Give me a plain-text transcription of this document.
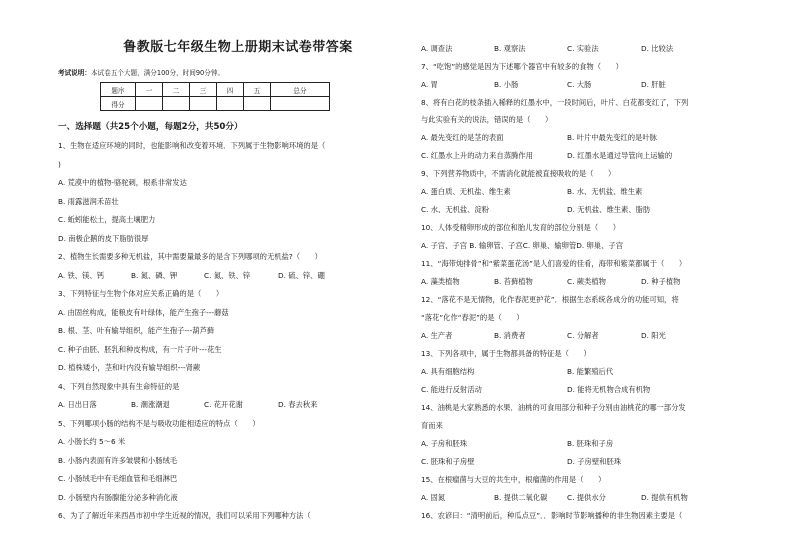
鲁教版七年级生物上册期末试卷带答案
考试说明：本试卷五个大题，满分100分，时间90分钟。
题序	一	二	三	四	五	总分
得分						
一、选择题（共25个小题，每题2分，共50分）
1、生物在适应环境的同时，也能影响和改变着环境．下列属于生物影响环境的是（
)
A. 荒漠中的植物-骆驼刺，根系非常发达
B. 雨露滋润禾苗壮
C. 蚯蚓能松土，提高土壤肥力
D. 南极企鹅的皮下脂肪很厚
2、植物生长需要多种无机盐，其中需要量最多的是含下列哪项的无机盐?（　　）
A. 铁、镁、钙	B. 氮、磷、钾	C. 氮、铁、锌	D. 硫、锌、硼
3、下列特征与生物个体对应关系正确的是（　　）
A. 由固丝构成，能粮皮有叶绿体，能产生孢子---蘑菇
B. 根、茎、叶有输导组织，能产生孢子---葫芦藓
C. 种子由胚、胚乳和种皮构成，有一片子叶---花生
D. 植株矮小，茎和叶内没有输导组织---肾蕨
4、下列自然现象中具有生命特征的是
A. 日出日落	B. 潮涨潮退	C. 花开花谢	D. 春去秋来
5、下列哪项小肠的结构不是与吸收功能相适应的特点（　　）
A. 小肠长约 5～6 米
B. 小肠内表面有许多皱襞和小肠绒毛
C. 小肠绒毛中有毛细血管和毛细淋巴
D. 小肠壁内有肠腺能分泌多种消化液
6、为了了解近年来西昌市初中学生近视的情况，我们可以采用下列哪种方法（
A. 调查法	B. 观察法	C. 实验法	D. 比较法
7、“吃饱”的感觉是因为下述哪个器官中有较多的食物（　　）
A. 胃	B. 小肠	C. 大肠	D. 肝脏
8、将有白花的枝条插入稀释的红墨水中，一段时间后，叶片、白花都变红了，下列
与此实验有关的说法，错误的是（　　）
A. 最先变红的是茎的表面	B. 叶片中最先变红的是叶脉
C. 红墨水上升的动力来自蒸腾作用	D. 红墨水是通过导管向上运输的
9、下列营养物质中，不需消化就能被直接吸收的是（　　）
A. 蛋白质、无机盐、维生素	B. 水、无机盐、维生素
C. 水、无机盐、淀粉	D. 无机盐、维生素、脂肪
10、人体受精卵形成的部位和胎儿发育的部位分别是（　　）
A. 子宫、子宫 B. 输卵管、子宫C. 卵巢、输卵管D. 卵巢、子宫
11、“海带炖排骨”和“紫菜蛋花汤”是人们喜爱的佳肴，海带和紫菜都属于（　　）
A. 藻类植物	B. 苔藓植物	C. 蕨类植物	D. 种子植物
12、“落花不是无情物，化作春泥更护花”．根据生态系统各成分的功能可知，将
“落花”化作“春泥”的是（　　）
A. 生产者	B. 消费者	C. 分解者	D. 阳光
13、下列各项中，属于生物都具备的特征是（　　）
A. 具有细胞结构	B. 能繁殖后代
C. 能进行反射活动	D. 能将无机物合成有机物
14、油桃是大家熟悉的水果．油桃的可食用部分和种子分别由油桃花的哪一部分发
育而来
A. 子房和胚珠	B. 胚珠和子房
C. 胚珠和子房壁	D. 子房壁和胚珠
15、在根瘤菌与大豆的共生中，根瘤菌的作用是（　　）
A. 固氮	B. 提供二氧化碳	C. 提供水分	D. 提供有机物
16、农谚曰：“清明前后，种瓜点豆”．．影响时节影响播种的非生物因素主要是（
